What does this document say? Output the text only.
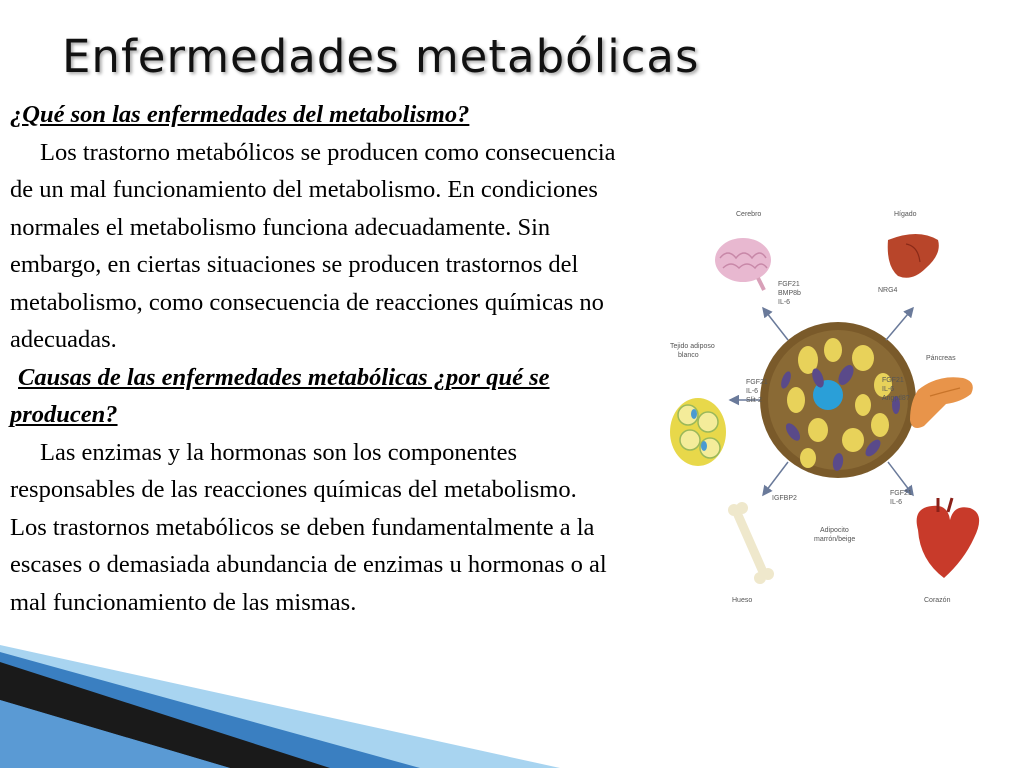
Enfermedades metabólicas

¿Qué son las enfermedades del metabolismo?

Los trastorno metabólicos se producen como consecuencia de un mal funcionamiento del metabolismo. En condiciones normales el metabolismo funciona adecuadamente. Sin embargo, en ciertas situaciones se producen trastornos del metabolismo, como consecuencia de reacciones químicas no adecuadas.

Causas de las enfermedades metabólicas ¿por qué se producen?

Las enzimas y la hormonas son los componentes responsables de las reacciones químicas del metabolismo. Los trastornos metabólicos se deben fundamentalmente a la escases o demasiada abundancia de enzimas u hormonas o al mal funcionamiento de las mismas.

Cerebro	Hígado
Tejido adiposo
blanco	Páncreas
Hueso	Corazón
Adipocito
marrón/beige
FGF21
BMP8b
IL-6
NRG4
FGF21
IL-6
Slit-2
FGF21
IL-6
Angptl8?
IGFBP2
FGF21
IL-6
